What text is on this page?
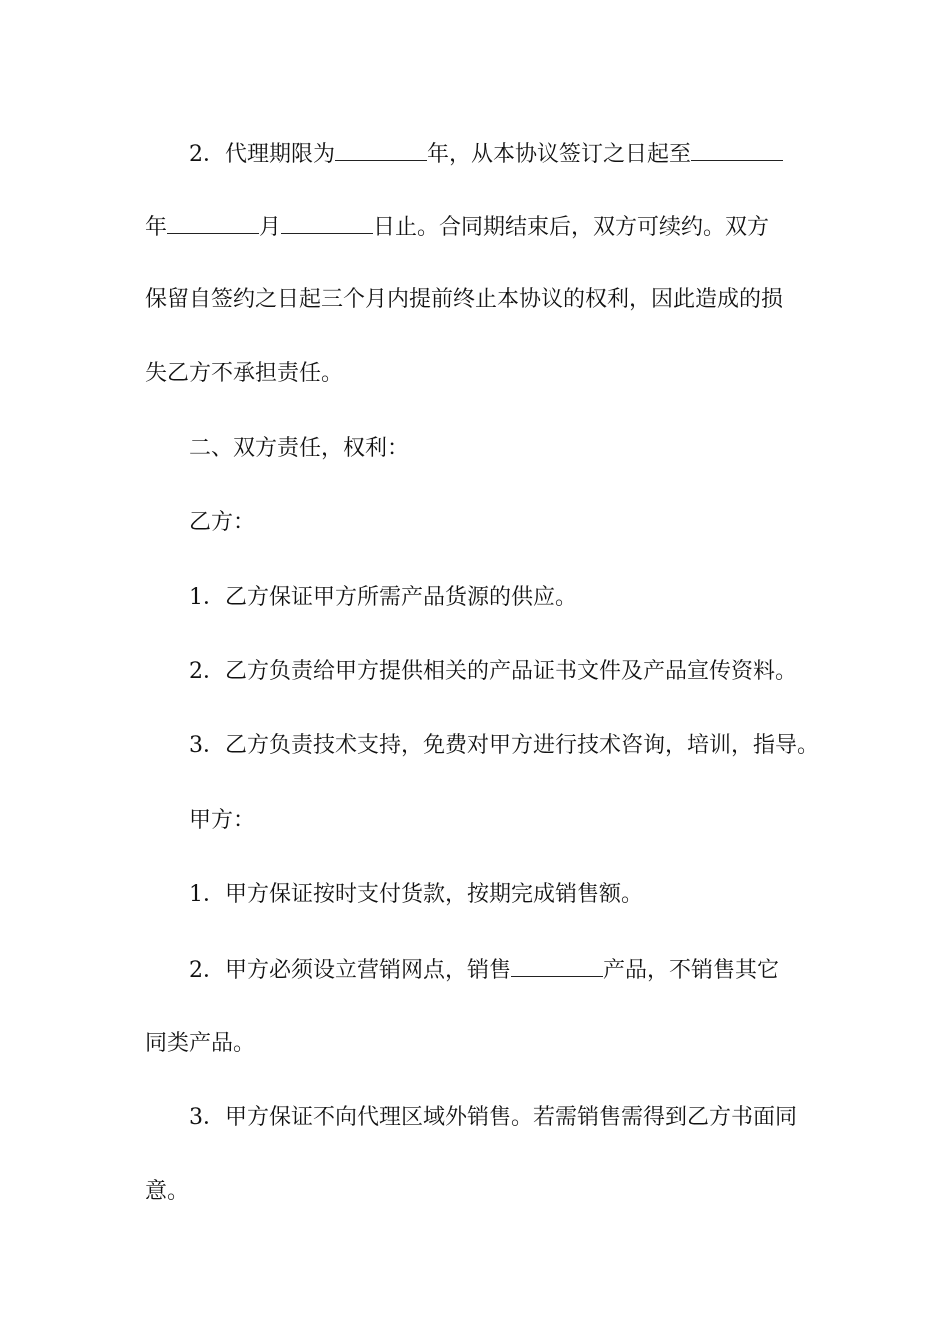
2．代理期限为	年，从本协议签订之日起至
年	月	日止。合同期结束后，双方可续约。双方
保留自签约之日起三个月内提前终止本协议的权利，因此造成的损
失乙方不承担责任。
二、双方责任，权利：
乙方：
1．乙方保证甲方所需产品货源的供应。
2．乙方负责给甲方提供相关的产品证书文件及产品宣传资料。
3．乙方负责技术支持，免费对甲方进行技术咨询，培训，指导。
甲方：
1．甲方保证按时支付货款，按期完成销售额。
2．甲方必须设立营销网点，销售	产品，不销售其它
同类产品。
3．甲方保证不向代理区域外销售。若需销售需得到乙方书面同
意。
